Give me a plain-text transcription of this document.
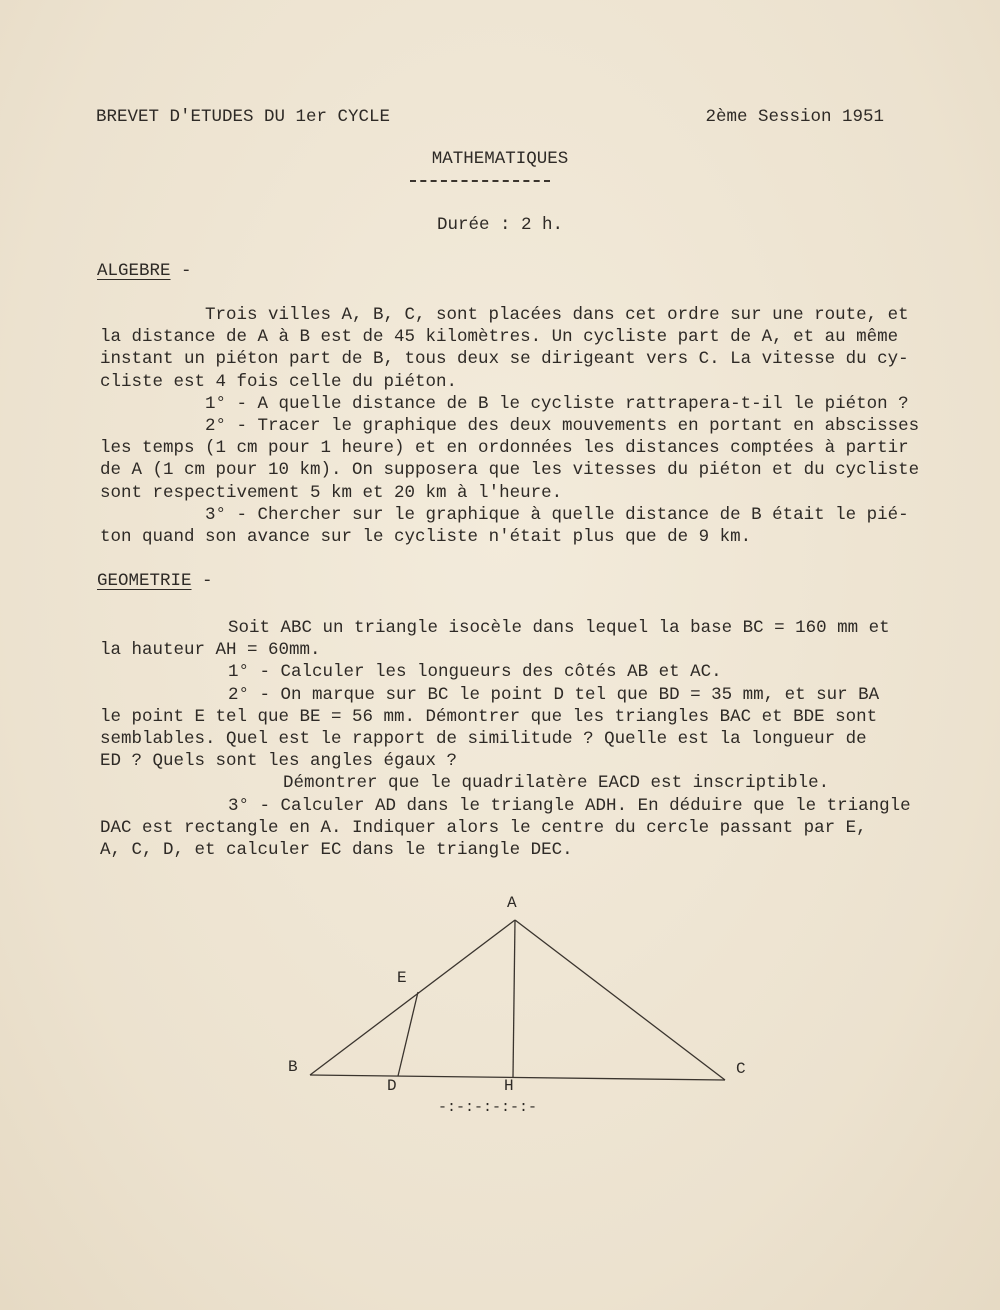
BREVET D'ETUDES DU 1er CYCLE	2ème Session 1951
MATHEMATIQUES
Durée : 2 h.
ALGEBRE -
Trois villes A, B, C, sont placées dans cet ordre sur une route, et
la distance de A à B est de 45 kilomètres. Un cycliste part de A, et au même
instant un piéton part de B, tous deux se dirigeant vers C. La vitesse du cy-
cliste est 4 fois celle du piéton.
1° - A quelle distance de B le cycliste rattrapera-t-il le piéton ?
2° - Tracer le graphique des deux mouvements en portant en abscisses
les temps (1 cm pour 1 heure) et en ordonnées les distances comptées à partir
de A (1 cm pour 10 km). On supposera que les vitesses du piéton et du cycliste
sont respectivement 5 km et 20 km à l'heure.
3° - Chercher sur le graphique à quelle distance de B était le pié-
ton quand son avance sur le cycliste n'était plus que de 9 km.
GEOMETRIE -
Soit ABC un triangle isocèle dans lequel la base BC = 160 mm et
la hauteur AH = 60mm.
1° - Calculer les longueurs des côtés AB et AC.
2° - On marque sur BC le point D tel que BD = 35 mm, et sur BA
le point E tel que BE = 56 mm. Démontrer que les triangles BAC et BDE sont
semblables. Quel est le rapport de similitude ? Quelle est la longueur de
ED ? Quels sont les angles égaux ?
Démontrer que le quadrilatère EACD est inscriptible.
3° - Calculer AD dans le triangle ADH. En déduire que le triangle
DAC est rectangle en A. Indiquer alors le centre du cercle passant par E,
A, C, D, et calculer EC dans le triangle DEC.
A
B	C
D
E
H
-:-:-:-:-:-
